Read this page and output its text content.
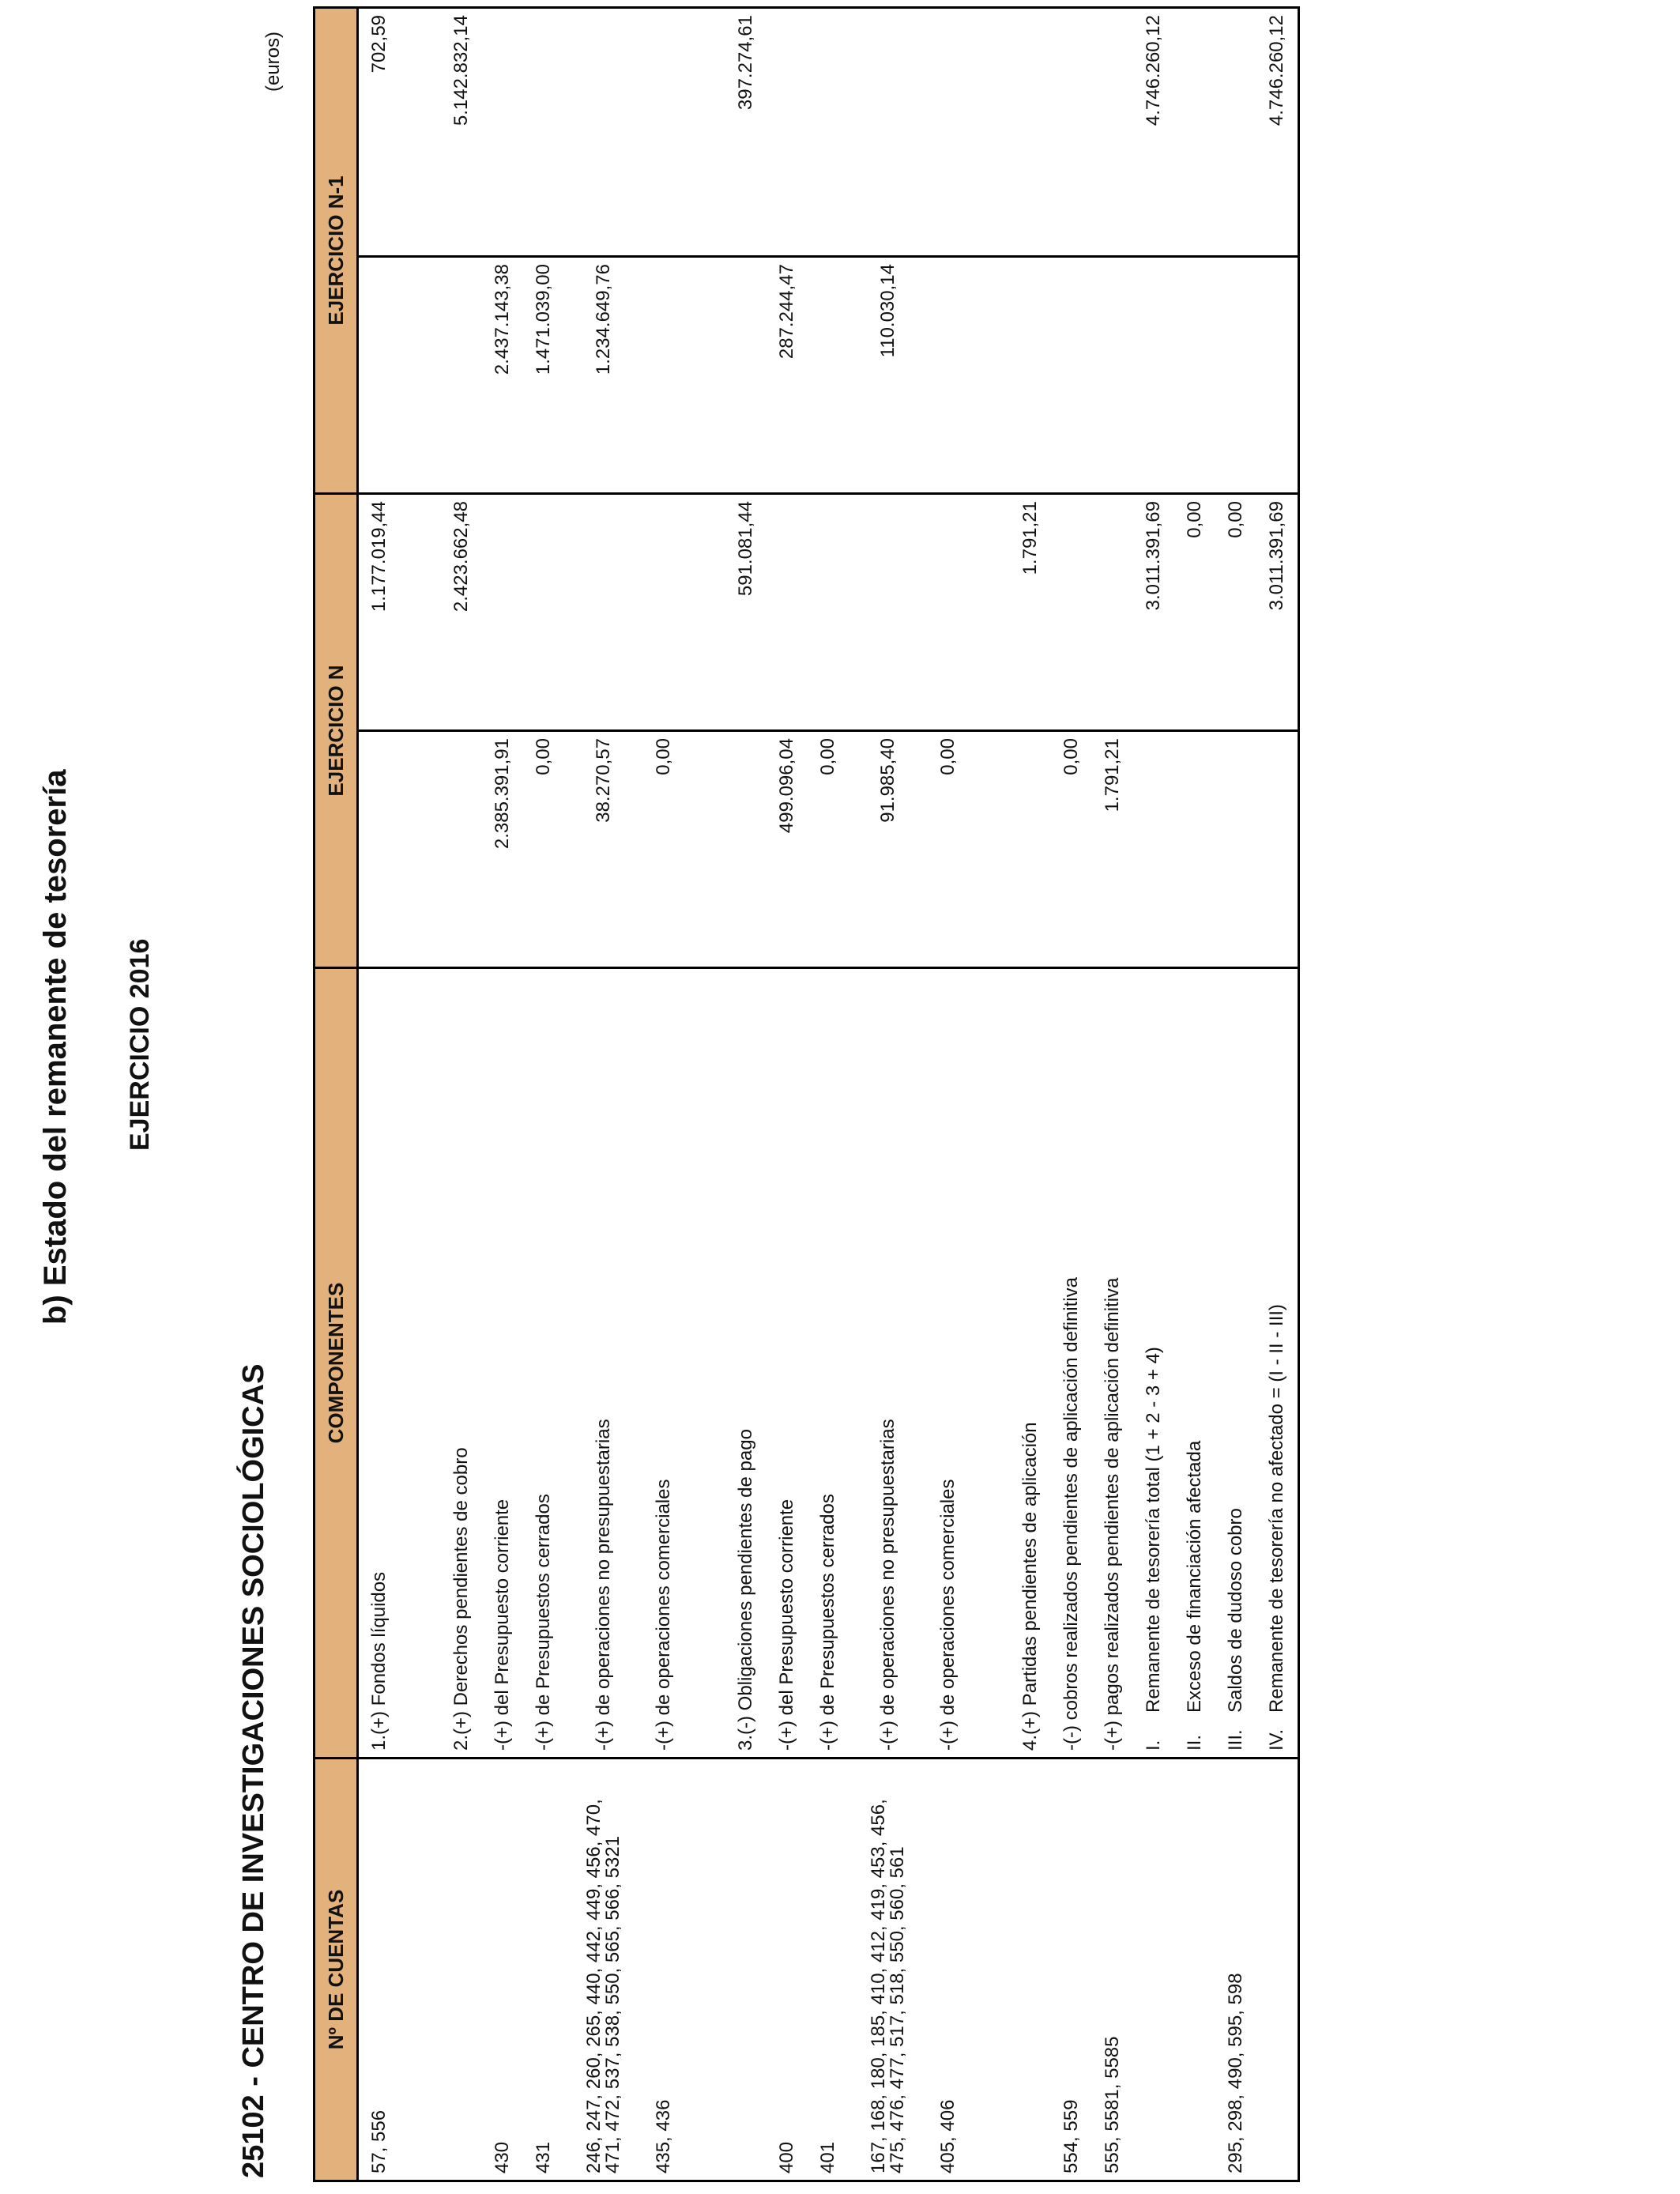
b) Estado del remanente de tesorería EJERCICIO 2016
25102 - CENTRO DE INVESTIGACIONES SOCIOLÓGICAS
(euros)
Nº DE CUENTAS	COMPONENTES	EJERCICIO N		EJERCICIO N-1	
57, 556	1.(+) Fondos líquidos		1.177.019,44		702,59

	2.(+) Derechos pendientes de cobro		2.423.662,48		5.142.832,14
430	-(+) del Presupuesto corriente	2.385.391,91		2.437.143,38	
431	-(+) de Presupuestos cerrados	0,00		1.471.039,00	
246, 247, 260, 265, 440, 442, 449, 456, 470, 471, 472, 537, 538, 550, 565, 566, 5321	-(+) de operaciones no presupuestarias	38.270,57		1.234.649,76	
435, 436	-(+) de operaciones comerciales	0,00			

	3.(-) Obligaciones pendientes de pago		591.081,44		397.274,61
400	-(+) del Presupuesto corriente	499.096,04		287.244,47	
401	-(+) de Presupuestos cerrados	0,00			
167, 168, 180, 185, 410, 412, 419, 453, 456, 475, 476, 477, 517, 518, 550, 560, 561	-(+) de operaciones no presupuestarias	91.985,40		110.030,14	
405, 406	-(+) de operaciones comerciales	0,00			

	4.(+) Partidas pendientes de aplicación		1.791,21		
554, 559	-(-) cobros realizados pendientes de aplicación definitiva	0,00			
555, 5581, 5585	-(+) pagos realizados pendientes de aplicación definitiva	1.791,21			
	I.Remanente de tesorería total (1 + 2 - 3 + 4)		3.011.391,69		4.746.260,12
	II.Exceso de financiación afectada		0,00		
295, 298, 490, 595, 598	III.Saldos de dudoso cobro		0,00		
	IV.Remanente de tesorería no afectado = (I - II - III)		3.011.391,69		4.746.260,12
